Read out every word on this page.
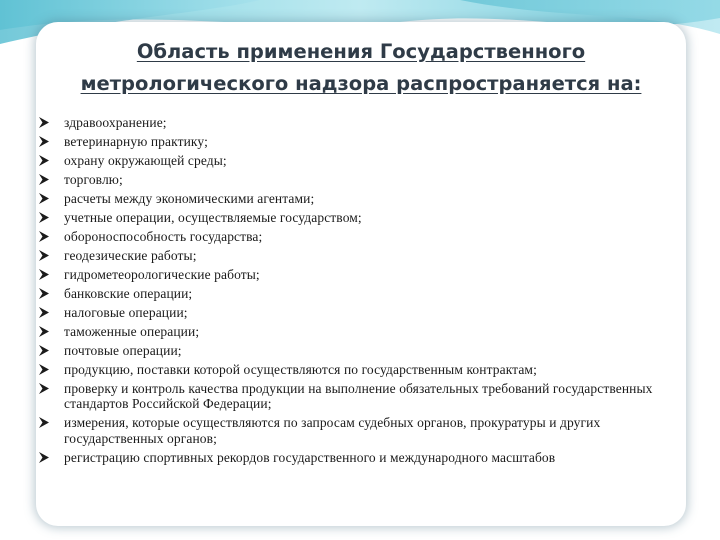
Область применения Государственного
метрологического надзора распространяется на:
здравоохранение;
ветеринарную практику;
охрану окружающей среды;
торговлю;
расчеты между экономическими агентами;
учетные операции, осуществляемые государством;
обороноспособность государства;
геодезические работы;
гидрометеорологические работы;
банковские операции;
налоговые операции;
таможенные операции;
почтовые операции;
продукцию, поставки которой осуществляются по государственным контрактам;
проверку и контроль качества продукции на выполнение обязательных требований государственных стандартов Российской Федерации;
измерения, которые осуществляются по запросам судебных органов, прокуратуры и других государственных органов;
регистрацию спортивных рекордов государственного и международного масштабов
